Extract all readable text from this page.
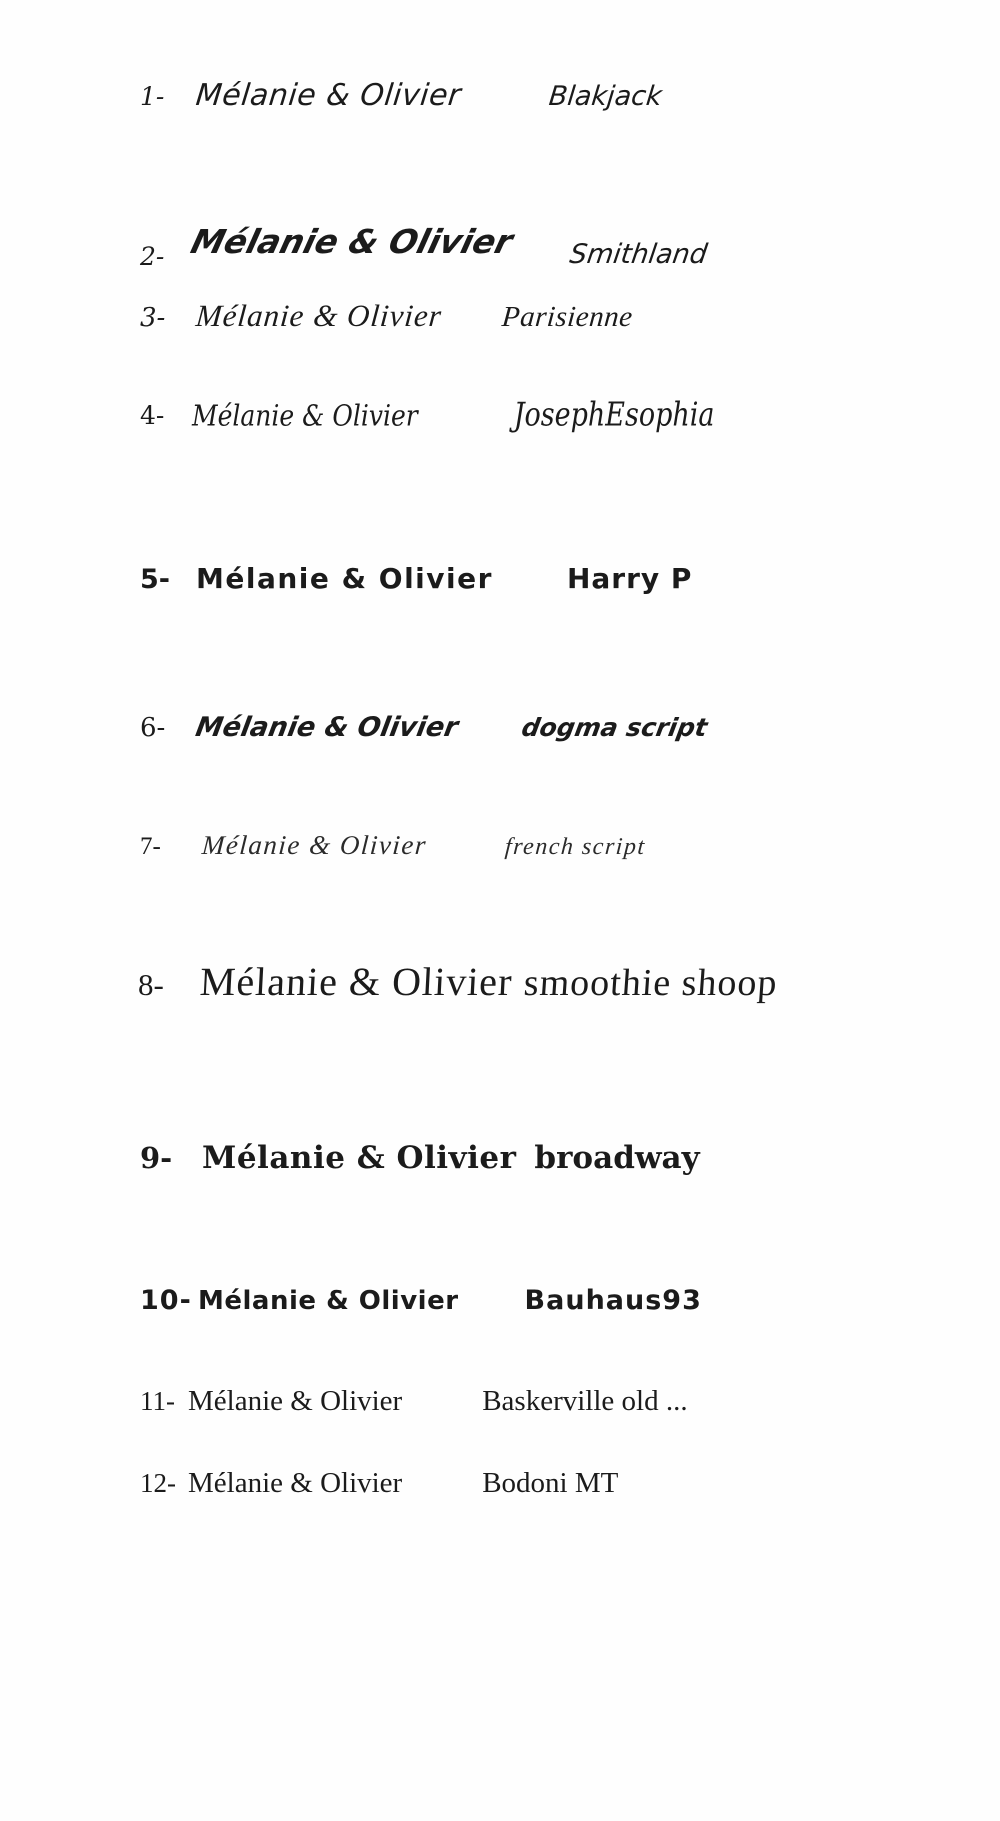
1- Mélanie & Olivier	Blakjack
2- Mélanie & Olivier Smithland
3- Mélanie & Olivier Parisienne
4-	Mélanie & Olivier	JosephEsophia
5- Mélanie & Olivier	Harry P
6-	Mélanie & Olivier dogma script
7-	Mélanie & Olivier	french script
8- Mélanie & Olivier smoothie shoop
9- Mélanie & Olivier broadway
10- Mélanie & Olivier Bauhaus93
11- Mélanie & Olivier	Baskerville old ...
12- Mélanie & Olivier	Bodoni MT
